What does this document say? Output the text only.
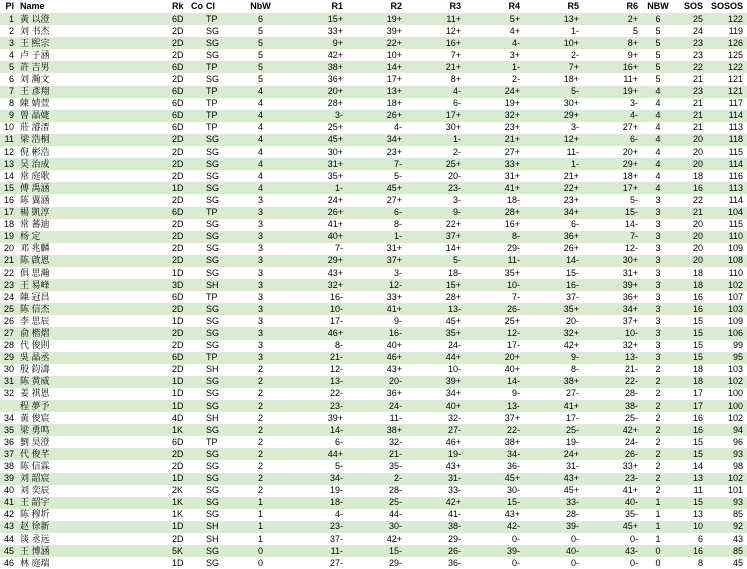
Pl	Name	Rk	Co	Cl	NbW	R1	R2	R3	R4	R5	R6	NBW	SOS	SOSOS
1	黃 以澄	6D		TP	6	15+	19+	11+	5+	13+	2+	6	25	122
2	刘 书杰	2D		SG	5	33+	39+	12+	4+	1-	5	5	24	119
3	王 熙宗	2D		SG	5	9+	22+	16+	4-	10+	8+	5	23	126
4	卢 子涵	2D		SG	5	42+	10+	7+	3+	2-	9+	5	23	125
5	許 吉男	6D		TP	5	38+	14+	21+	1-	7+	16+	5	22	122
6	刘 瀚文	2D		SG	5	36+	17+	8+	2-	18+	11+	5	21	121
7	王 彥翔	6D		TP	4	20+	13+	4-	24+	5-	19+	4	23	121
8	陳 婧萱	6D		TP	4	28+	18+	6-	19+	30+	3-	4	21	117
9	曾 晶婕	6D		TP	4	3-	26+	17+	32+	29+	4-	4	21	114
10	莊 濬溍	6D		TP	4	25+	4-	30+	23+	3-	27+	4	21	113
11	梁 浩桐	2D		SG	4	45+	34+	1-	21+	12+	6-	4	20	118
12	倪 彬浩	2D		SG	4	30+	23+	2-	27+	11-	20+	4	20	115
13	吴 治成	2D		SG	4	31+	7-	25+	33+	1-	29+	4	20	114
14	常 庭歌	2D		SG	4	35+	5-	20-	31+	21+	18+	4	18	116
15	傅 禹涵	1D		SG	4	1-	45+	23-	41+	22+	17+	4	16	113
16	陈 翼涵	2D		SG	3	24+	27+	3-	18-	23+	5-	3	22	114
17	楊 凱淳	6D		TP	3	26+	6-	9-	28+	34+	15-	3	21	104
18	常 蕃迪	2D		SG	3	41+	8-	22+	16+	6-	14-	3	20	115
19	杨 定	2D		SG	3	40+	1-	37+	8-	36+	7-	3	20	110
20	邓 兆麟	2D		SG	3	7-	31+	14+	29-	26+	12-	3	20	109
21	陈 啟恩	2D		SG	3	29+	37+	5-	11-	14-	30+	3	20	108
22	俱 思瀚	1D		SG	3	43+	3-	18-	35+	15-	31+	3	18	110
23	王 易峰	3D		SH	3	32+	12-	15+	10-	16-	39+	3	18	102
24	陳 冠昌	6D		TP	3	16-	33+	28+	7-	37-	36+	3	16	107
25	陈 信杰	2D		SG	3	10-	41+	13-	26-	35+	34+	3	16	103
26	李 思辰	1D		SG	3	17-	9-	45+	25+	20-	37+	3	15	109
27	俞 楷熠	2D		SG	3	46+	16-	35+	12-	32+	10-	3	15	106
28	代 俊則	2D		SG	3	8-	40+	24-	17-	42+	32+	3	15	99
29	吳 晶丞	6D		TP	3	21-	46+	44+	20+	9-	13-	3	15	95
30	殷 鈞濤	2D		SH	2	12-	43+	10-	40+	8-	21-	2	18	103
31	陈 黄威	1D		SG	2	13-	20-	39+	14-	38+	22-	2	18	102
32	姜 祺恩	1D		SG	2	22-	36+	34+	9-	27-	28-	2	17	100
	程 夢予	1D		SG	2	23-	24-	40+	13-	41+	38-	2	17	100
34	黃 俊宸	4D		SH	2	39+	11-	32-	37+	17-	25-	2	16	102
35	梁 勇鸣	1K		SG	2	14-	38+	27-	22-	25-	42+	2	16	94
36	劉 昊澄	6D		TP	2	6-	32-	46+	38+	19-	24-	2	15	96
37	代 俊芊	2D		SG	2	44+	21-	19-	34-	24+	26-	2	15	93
38	陈 信霖	2D		SG	2	5-	35-	43+	36-	31-	33+	2	14	98
39	刘 韶宸	1D		SG	2	34-	2-	31-	45+	43+	23-	2	13	102
40	刘 奕辰	2K		SG	2	19-	28-	33-	30-	45+	41+	2	11	101
41	王 韶宇	1K		SG	1	18-	25-	42+	15-	33-	40-	1	15	93
42	陈 穆圻	1K		SG	1	4-	44-	41-	43+	28-	35-	1	13	85
43	赵 徐新	1D		SH	1	23-	30-	38-	42-	39-	45+	1	10	92
44	谈 丞远	2D		SH	1	37-	42+	29-	0-	0-	0-	1	6	43
45	王 博涵	5K		SG	0	11-	15-	26-	39-	40-	43-	0	16	85
46	林 庭瑞	1D		SG	0	27-	29-	36-	0-	0-	0-	0	8	45
